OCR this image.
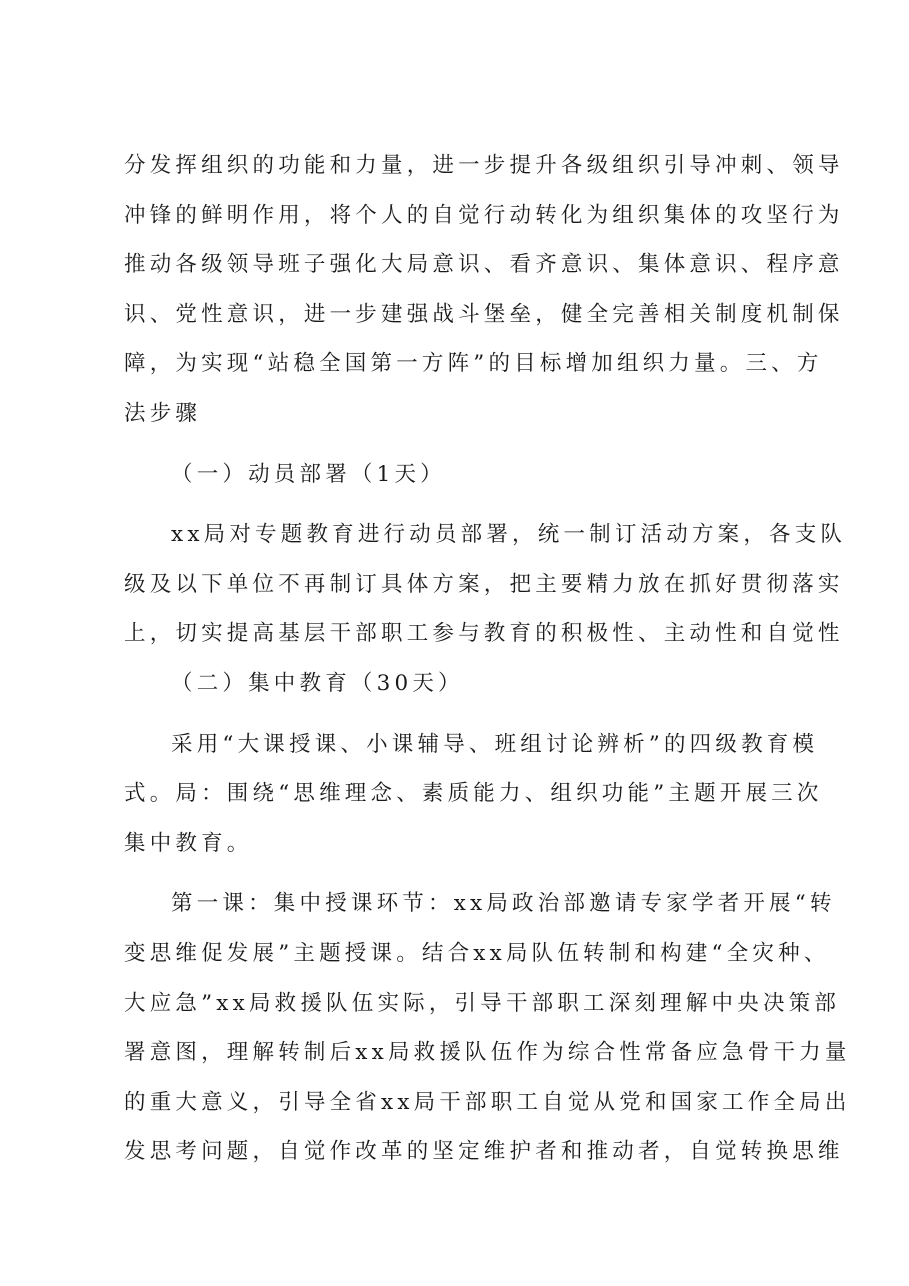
分发挥组织的功能和力量，进一步提升各级组织引导冲刺、领导
冲锋的鲜明作用，将个人的自觉行动转化为组织集体的攻坚行为
推动各级领导班子强化大局意识、看齐意识、集体意识、程序意
识、党性意识，进一步建强战斗堡垒，健全完善相关制度机制保
障，为实现“站稳全国第一方阵”的目标增加组织力量。三、方
法步骤
（一）动员部署（1天）
xx局对专题教育进行动员部署，统一制订活动方案，各支队
级及以下单位不再制订具体方案，把主要精力放在抓好贯彻落实
上，切实提高基层干部职工参与教育的积极性、主动性和自觉性
（二）集中教育（30天）
采用“大课授课、小课辅导、班组讨论辨析”的四级教育模
式。局：围绕“思维理念、素质能力、组织功能”主题开展三次
集中教育。
第一课：集中授课环节：xx局政治部邀请专家学者开展“转
变思维促发展”主题授课。结合xx局队伍转制和构建“全灾种、
大应急”xx局救援队伍实际，引导干部职工深刻理解中央决策部
署意图，理解转制后xx局救援队伍作为综合性常备应急骨干力量
的重大意义，引导全省xx局干部职工自觉从党和国家工作全局出
发思考问题，自觉作改革的坚定维护者和推动者，自觉转换思维
